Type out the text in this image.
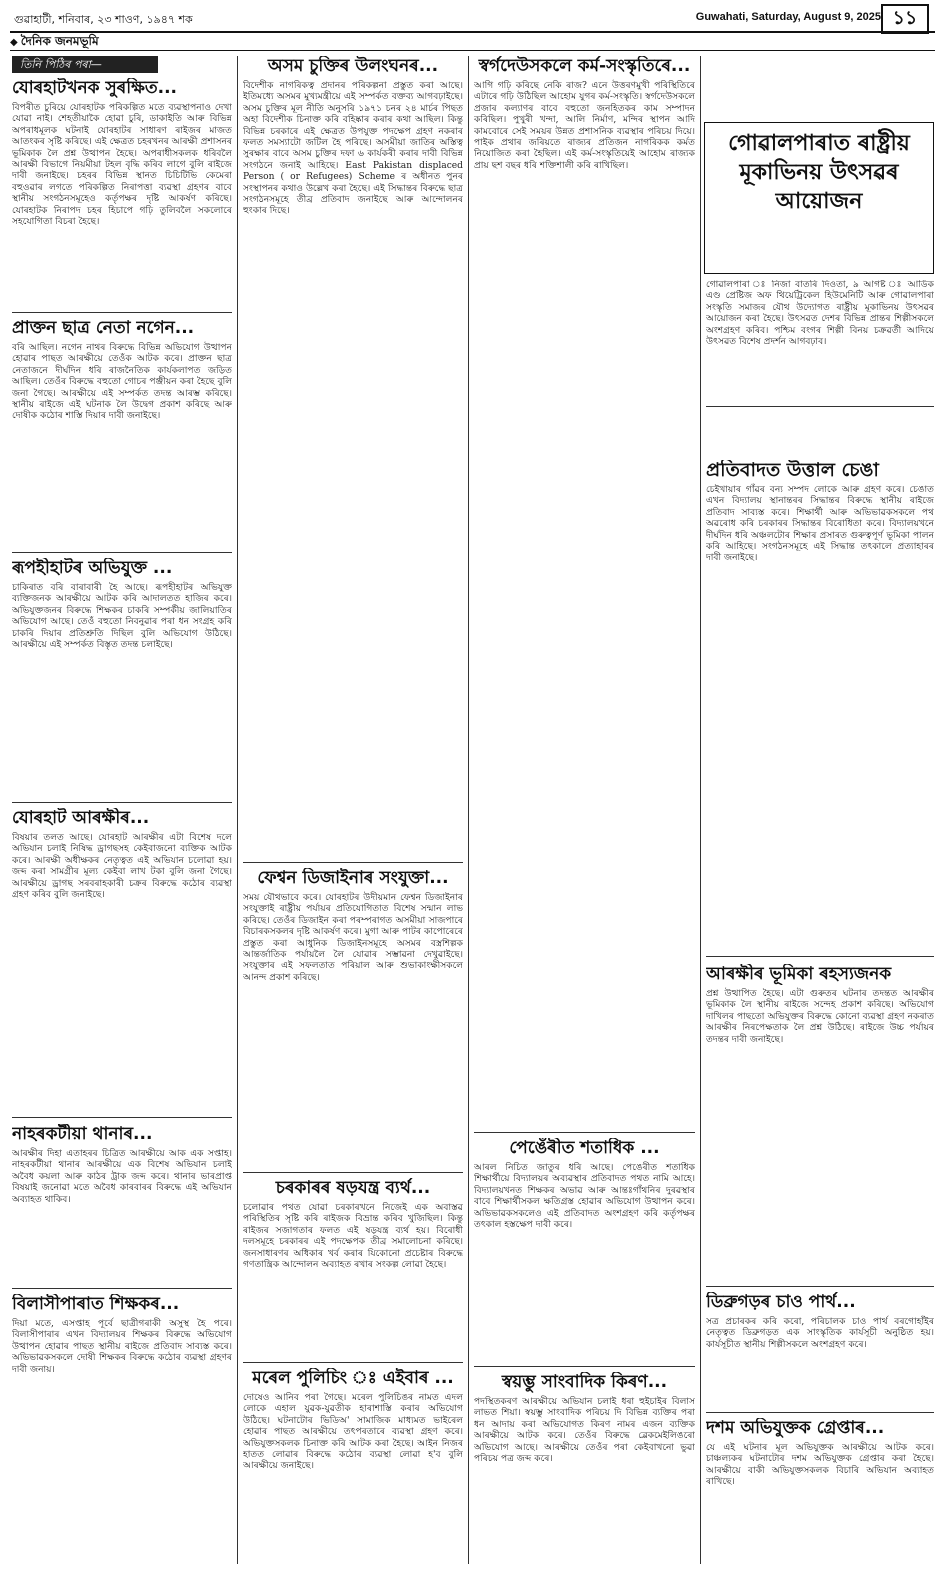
গুৱাহাটী, শনিবাৰ, ২৩ শাওণ, ১৯৪৭ শক	Guwahati, Saturday, August 9, 2025 ১১
◆ দৈনিক জনমভূমি
তিনি পিঠিৰ পৰা—
যোৰহাটখনক সুৰক্ষিত...
বিপৰীত চুৰিয়ে যোৰহাটক পৰিকল্পিত মতে ব্যৱস্থাপনাও দেখা যোৱা নাই। শেহতীয়াকৈ হোৱা চুৰি, ডাকাইতি আৰু বিভিন্ন অপৰাধমূলক ঘটনাই যোৰহাটৰ সাধাৰণ ৰাইজৰ মাজত আতংকৰ সৃষ্টি কৰিছে। এই ক্ষেত্ৰত চহৰখনৰ আৰক্ষী প্ৰশাসনৰ ভূমিকাক লৈ প্ৰশ্ন উত্থাপন হৈছে। অপৰাধীসকলক ধৰিবলৈ আৰক্ষী বিভাগে নিয়মীয়া টহল বৃদ্ধি কৰিব লাগে বুলি ৰাইজে দাবী জনাইছে। চহৰৰ বিভিন্ন স্থানত চিচিটিভি কেমেৰা বহুওৱাৰ লগতে পৰিকল্পিত নিৰাপত্তা ব্যৱস্থা গ্ৰহণৰ বাবে স্থানীয় সংগঠনসমূহেও কৰ্তৃপক্ষৰ দৃষ্টি আকৰ্ষণ কৰিছে। যোৰহাটক নিৰাপদ চহৰ হিচাপে গঢ়ি তুলিবলৈ সকলোৰে সহযোগিতা বিচৰা হৈছে।
প্ৰাক্তন ছাত্ৰ নেতা নগেন...
বৰি আছিল। নগেন নাথৰ বিৰুদ্ধে বিভিন্ন অভিযোগ উত্থাপন হোৱাৰ পাছত আৰক্ষীয়ে তেওঁক আটক কৰে। প্ৰাক্তন ছাত্ৰ নেতাজনে দীৰ্ঘদিন ধৰি ৰাজনৈতিক কাৰ্যকলাপত জড়িত আছিল। তেওঁৰ বিৰুদ্ধে বহুতো গোচৰ পঞ্জীয়ন কৰা হৈছে বুলি জনা গৈছে। আৰক্ষীয়ে এই সম্পৰ্কত তদন্ত আৰম্ভ কৰিছে। স্থানীয় ৰাইজে এই ঘটনাক লৈ উদ্বেগ প্ৰকাশ কৰিছে আৰু দোষীক কঠোৰ শাস্তি দিয়াৰ দাবী জনাইছে।
ৰূপহীহাটৰ অভিযুক্ত ...
চাকিৰাত বৰি বাৰাবাৰী হৈ আছে। ৰূপহীহাটৰ অভিযুক্ত ব্যক্তিজনক আৰক্ষীয়ে আটক কৰি আদালতত হাজিৰ কৰে। অভিযুক্তজনৰ বিৰুদ্ধে শিক্ষকৰ চাকৰি সম্পৰ্কীয় জালিয়াতিৰ অভিযোগ আছে। তেওঁ বহুতো নিবনুৱাৰ পৰা ধন সংগ্ৰহ কৰি চাকৰি দিয়াৰ প্ৰতিশ্ৰুতি দিছিল বুলি অভিযোগ উঠিছে। আৰক্ষীয়ে এই সম্পৰ্কত বিস্তৃত তদন্ত চলাইছে।
যোৰহাট আৰক্ষীৰ...
বিষয়াৰ তলত আছে। যোৰহাট আৰক্ষীৰ এটা বিশেষ দলে অভিযান চলাই নিষিদ্ধ ড্ৰাগছসহ কেইবাজনো ব্যক্তিক আটক কৰে। আৰক্ষী অধীক্ষকৰ নেতৃত্বত এই অভিযান চলোৱা হয়। জব্দ কৰা সামগ্ৰীৰ মূল্য কেইবা লাখ টকা বুলি জনা গৈছে। আৰক্ষীয়ে ড্ৰাগছ সৰবৰাহকাৰী চক্ৰৰ বিৰুদ্ধে কঠোৰ ব্যৱস্থা গ্ৰহণ কৰিব বুলি জনাইছে।
নাহৰকটীয়া থানাৰ...
আৰক্ষীৰ দিহা এতাহৰৰ চিত্ৰিত আৰক্ষীয়ে আক এক সপ্তাহ। নাহৰকটীয়া থানাৰ আৰক্ষীয়ে এক বিশেষ অভিযান চলাই অবৈধ কয়লা আৰু কাঠৰ ট্ৰাক জব্দ কৰে। থানাৰ ভাৰপ্ৰাপ্ত বিষয়াই জনোৱা মতে অবৈধ কাৰবাৰৰ বিৰুদ্ধে এই অভিযান অব্যাহত থাকিব।
বিলাসীপাৰাত শিক্ষকৰ...
দিয়া মতে, এসপ্তাহ পূৰ্বে ছাত্ৰীগৰাকী অসুস্থ হৈ পৰে। বিলাসীপাৰাৰ এখন বিদ্যালয়ৰ শিক্ষকৰ বিৰুদ্ধে অভিযোগ উত্থাপন হোৱাৰ পাছত স্থানীয় ৰাইজে প্ৰতিবাদ সাব্যস্ত কৰে। অভিভাৱকসকলে দোষী শিক্ষকৰ বিৰুদ্ধে কঠোৰ ব্যৱস্থা গ্ৰহণৰ দাবী জনায়।
অসম চুক্তিৰ উলংঘনৰ...
বিদেশীক নাগৰিকত্ব প্ৰদানৰ পৰিকল্পনা প্ৰস্তুত কৰা আছে। ইতিমধ্যে অসমৰ মুখ্যমন্ত্ৰীয়ে এই সম্পৰ্কত বক্তব্য আগবঢ়াইছে। অসম চুক্তিৰ মূল নীতি অনুসৰি ১৯৭১ চনৰ ২৪ মাৰ্চৰ পিছত অহা বিদেশীক চিনাক্ত কৰি বহিষ্কাৰ কৰাৰ কথা আছিল। কিন্তু বিভিন্ন চৰকাৰে এই ক্ষেত্ৰত উপযুক্ত পদক্ষেপ গ্ৰহণ নকৰাৰ ফলত সমস্যাটো জটিল হৈ পৰিছে। অসমীয়া জাতিৰ অস্তিত্ব সুৰক্ষাৰ বাবে অসম চুক্তিৰ দফা ৬ কাৰ্যকৰী কৰাৰ দাবী বিভিন্ন সংগঠনে জনাই আহিছে। East Pakistan displaced Person ( or Refugees) Scheme ৰ অধীনত পুনৰ সংস্থাপনৰ কথাও উল্লেখ কৰা হৈছে। এই সিদ্ধান্তৰ বিৰুদ্ধে ছাত্ৰ সংগঠনসমূহে তীব্ৰ প্ৰতিবাদ জনাইছে আৰু আন্দোলনৰ হুংকাৰ দিছে।
ফেশ্বন ডিজাইনাৰ সংযুক্তা...
সময় যৌথভাবে কৰে। যোৰহাটৰ উদীয়মান ফেশ্বন ডিজাইনাৰ সংযুক্তাই ৰাষ্ট্ৰীয় পৰ্যায়ৰ প্ৰতিযোগিতাত বিশেষ সন্মান লাভ কৰিছে। তেওঁৰ ডিজাইন কৰা পৰম্পৰাগত অসমীয়া সাজপাৰে বিচাৰকসকলৰ দৃষ্টি আকৰ্ষণ কৰে। মুগা আৰু পাটৰ কাপোৰেৰে প্ৰস্তুত কৰা আধুনিক ডিজাইনসমূহে অসমৰ বস্ত্ৰশিল্পক আন্তৰ্জাতিক পৰ্যায়লৈ লৈ যোৱাৰ সম্ভাৱনা দেখুৱাইছে। সংযুক্তাৰ এই সফলতাত পৰিয়াল আৰু শুভাকাংক্ষীসকলে আনন্দ প্ৰকাশ কৰিছে।
চৰকাৰৰ ষড়যন্ত্ৰ ব্যৰ্থ...
চলোৱাৰ পথত যোৱা চৰকাৰখনে নিজেই এক অবাস্তৱ পৰিস্থিতিৰ সৃষ্টি কৰি ৰাইজক বিভ্ৰান্ত কৰিব খুজিছিল। কিন্তু ৰাইজৰ সজাগতাৰ ফলত এই ষড়যন্ত্ৰ ব্যৰ্থ হয়। বিৰোধী দলসমূহে চৰকাৰৰ এই পদক্ষেপক তীব্ৰ সমালোচনা কৰিছে। জনসাধাৰণৰ অধিকাৰ খৰ্ব কৰাৰ যিকোনো প্ৰচেষ্টাৰ বিৰুদ্ধে গণতান্ত্ৰিক আন্দোলন অব্যাহত ৰখাৰ সংকল্প লোৱা হৈছে।
মৰেল পুলিচিং ঃ এইবাৰ ...
দোষেও আনিব পৰা গৈছে। মৰেল পুলিচিঙৰ নামত এদল লোকে এহাল যুৱক-যুৱতীক হাৰাশাস্তি কৰাৰ অভিযোগ উঠিছে। ঘটনাটোৰ ভিডিঅ' সামাজিক মাধ্যমত ভাইৰেল হোৱাৰ পাছত আৰক্ষীয়ে তৎপৰতাৰে ব্যৱস্থা গ্ৰহণ কৰে। অভিযুক্তসকলক চিনাক্ত কৰি আটক কৰা হৈছে। আইন নিজৰ হাতত লোৱাৰ বিৰুদ্ধে কঠোৰ ব্যৱস্থা লোৱা হ'ব বুলি আৰক্ষীয়ে জনাইছে।
স্বৰ্গদেউসকলে কৰ্ম-সংস্কৃতিৰে...
আগি গঢ়ি কৰিছে নেকি ৰাজ? এনে উত্তৰণমুখী পৰিস্থিতিৰে এটাৰে গঢ়ি উঠিছিল আহোম যুগৰ কৰ্ম-সংস্কৃতি। স্বৰ্গদেউসকলে প্ৰজাৰ কল্যাণৰ বাবে বহুতো জনহিতকৰ কাম সম্পাদন কৰিছিল। পুখুৰী খন্দা, আলি নিৰ্মাণ, মন্দিৰ স্থাপন আদি কামবোৰে সেই সময়ৰ উন্নত প্ৰশাসনিক ব্যৱস্থাৰ পৰিচয় দিয়ে। পাইক প্ৰথাৰ জৰিয়তে ৰাজ্যৰ প্ৰতিজন নাগৰিকক কৰ্মত নিয়োজিত কৰা হৈছিল। এই কৰ্ম-সংস্কৃতিয়েই আহোম ৰাজ্যক প্ৰায় ছশ বছৰ ধৰি শক্তিশালী কৰি ৰাখিছিল।
পেঙেঁৰীত শতাধিক ...
আৰল নিচিত জাতুৰ ধৰি আছে। পেঙেৰীত শতাধিক শিক্ষাৰ্থীয়ে বিদ্যালয়ৰ অব্যৱস্থাৰ প্ৰতিবাদত পথত নামি আহে। বিদ্যালয়খনত শিক্ষকৰ অভাৱ আৰু আন্তঃগাঁথনিৰ দুৰৱস্থাৰ বাবে শিক্ষাৰ্থীসকল ক্ষতিগ্ৰস্ত হোৱাৰ অভিযোগ উত্থাপন কৰে। অভিভাৱকসকলেও এই প্ৰতিবাদত অংশগ্ৰহণ কৰি কৰ্তৃপক্ষৰ তৎকাল হস্তক্ষেপ দাবী কৰে।
স্বয়ম্ভু সাংবাদিক কিৰণ...
পদস্থিতকৰণ আৰক্ষীয়ে অভিযান চলাই ধৰা হুইচাইৰ বিলাস লাভত শিয়া। স্বয়ম্ভু সাংবাদিক পৰিচয় দি বিভিন্ন ব্যক্তিৰ পৰা ধন আদায় কৰা অভিযোগত কিৰণ নামৰ এজন ব্যক্তিক আৰক্ষীয়ে আটক কৰে। তেওঁৰ বিৰুদ্ধে ব্লেকমেইলিঙৰো অভিযোগ আছে। আৰক্ষীয়ে তেওঁৰ পৰা কেইবাখনো ভুৱা পৰিচয় পত্ৰ জব্দ কৰে।
গোৱালপাৰাত ৰাষ্ট্ৰীয় মূকাভিনয় উৎসৱৰ আয়োজন
গোৱালপাৰা ঃ নিজা বাতৰি দিওতা, ৯ আগষ্ট ঃ আৰ্ডিক এণ্ড প্ৰেষ্টিজ অফ থিয়েট্ৰিকেল হিউমেনিটি আৰু গোৱালপাৰা সংস্কৃতি সমাজৰ যৌথ উদ্যোগত ৰাষ্ট্ৰীয় মূকাভিনয় উৎসৱৰ আয়োজন কৰা হৈছে। উৎসৱত দেশৰ বিভিন্ন প্ৰান্তৰ শিল্পীসকলে অংশগ্ৰহণ কৰিব। পশ্চিম বংগৰ শিল্পী বিনয় চক্ৰৱৰ্তী আদিয়ে উৎসৱত বিশেষ প্ৰদৰ্শন আগবঢ়াব।
প্ৰতিবাদত উত্তাল চেঙা
চেইখায়াৰ গাঁৱৰ বন্য সম্পদ লোকে আৰু গ্ৰহণ কৰে। চেঙাত এখন বিদ্যালয় স্থানান্তৰৰ সিদ্ধান্তৰ বিৰুদ্ধে স্থানীয় ৰাইজে প্ৰতিবাদ সাব্যস্ত কৰে। শিক্ষাৰ্থী আৰু অভিভাৱকসকলে পথ অৱৰোধ কৰি চৰকাৰৰ সিদ্ধান্তৰ বিৰোধিতা কৰে। বিদ্যালয়খনে দীৰ্ঘদিন ধৰি অঞ্চলটোৰ শিক্ষাৰ প্ৰসাৰত গুৰুত্বপূৰ্ণ ভূমিকা পালন কৰি আহিছে। সংগঠনসমূহে এই সিদ্ধান্ত তৎকালে প্ৰত্যাহাৰৰ দাবী জনাইছে।
আৰক্ষীৰ ভূমিকা ৰহস্যজনক
প্ৰশ্ন উত্থাপিত হৈছে। এটা গুৰুতৰ ঘটনাৰ তদন্তত আৰক্ষীৰ ভূমিকাক লৈ স্থানীয় ৰাইজে সন্দেহ প্ৰকাশ কৰিছে। অভিযোগ দাখিলৰ পাছতো অভিযুক্তৰ বিৰুদ্ধে কোনো ব্যৱস্থা গ্ৰহণ নকৰাত আৰক্ষীৰ নিৰপেক্ষতাক লৈ প্ৰশ্ন উঠিছে। ৰাইজে উচ্চ পৰ্যায়ৰ তদন্তৰ দাবী জনাইছে।
ডিব্ৰুগড়ৰ চাও পাৰ্থ...
সত্ৰ প্ৰচাৰকৰ কৰি কৰো, পৰিচালক চাও পাৰ্থ বৰগোহাঁইৰ নেতৃত্বত ডিব্ৰুগড়ত এক সাংস্কৃতিক কাৰ্যসূচী অনুষ্ঠিত হয়। কাৰ্যসূচীত স্থানীয় শিল্পীসকলে অংশগ্ৰহণ কৰে।
দশম অভিযুক্তক গ্ৰেপ্তাৰ...
যে এই ঘটনাৰ মূল অভিযুক্তক আৰক্ষীয়ে আটক কৰে। চাঞ্চল্যকৰ ঘটনাটোৰ দশম অভিযুক্তক গ্ৰেপ্তাৰ কৰা হৈছে। আৰক্ষীয়ে বাকী অভিযুক্তসকলক বিচাৰি অভিযান অব্যাহত ৰাখিছে।
